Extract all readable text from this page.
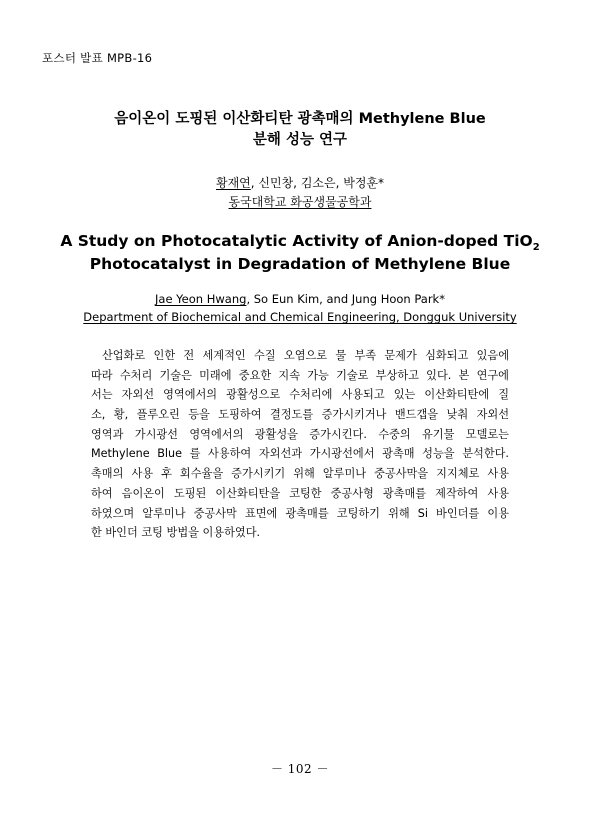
포스터 발표 MPB-16
음이온이 도핑된 이산화티탄 광촉매의 Methylene Blue
분해 성능 연구
황재연, 신민창, 김소은, 박정훈*
동국대학교 화공생물공학과
A Study on Photocatalytic Activity of Anion-doped TiO$_2$
Photocatalyst in Degradation of Methylene Blue
Jae Yeon Hwang, So Eun Kim, and Jung Hoon Park*
Department of Biochemical and Chemical Engineering, Dongguk University
산업화로 인한 전 세계적인 수질 오염으로 물 부족 문제가 심화되고 있음에
따라 수처리 기술은 미래에 중요한 지속 가능 기술로 부상하고 있다. 본 연구에
서는 자외선 영역에서의 광활성으로 수처리에 사용되고 있는 이산화티탄에 질
소, 황, 플루오린 등을 도핑하여 결정도를 증가시키거나 밴드갭을 낮춰 자외선
영역과 가시광선 영역에서의 광활성을 증가시킨다. 수중의 유기물 모델로는
Methylene Blue 를 사용하여 자외선과 가시광선에서 광촉매 성능을 분석한다.
촉매의 사용 후 회수율을 증가시키기 위해 알루미나 중공사막을 지지체로 사용
하여 음이온이 도핑된 이산화티탄을 코팅한 중공사형 광촉매를 제작하여 사용
하였으며 알루미나 중공사막 표면에 광촉매를 코팅하기 위해 Si 바인더를 이용
한 바인더 코팅 방법을 이용하였다.
－ 102 －
